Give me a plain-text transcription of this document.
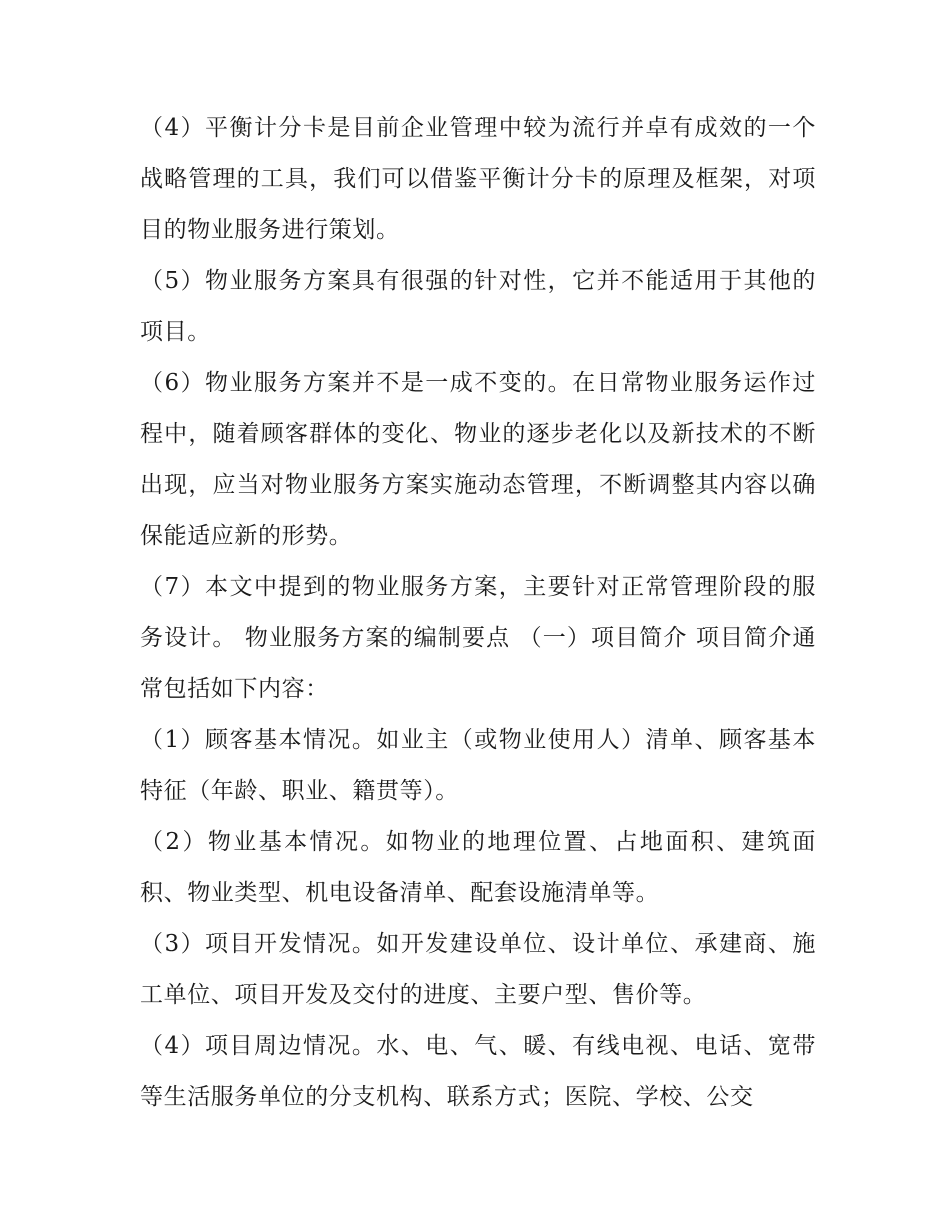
（4）平衡计分卡是目前企业管理中较为流行并卓有成效的一个战略管理的工具，我们可以借鉴平衡计分卡的原理及框架，对项目的物业服务进行策划。

（5）物业服务方案具有很强的针对性，它并不能适用于其他的项目。

（6）物业服务方案并不是一成不变的。在日常物业服务运作过程中，随着顾客群体的变化、物业的逐步老化以及新技术的不断出现，应当对物业服务方案实施动态管理，不断调整其内容以确保能适应新的形势。

（7）本文中提到的物业服务方案，主要针对正常管理阶段的服务设计。 物业服务方案的编制要点 （一）项目简介 项目简介通常包括如下内容：

（1）顾客基本情况。如业主（或物业使用人）清单、顾客基本特征（年龄、职业、籍贯等）。

（2）物业基本情况。如物业的地理位置、占地面积、建筑面积、物业类型、机电设备清单、配套设施清单等。

（3）项目开发情况。如开发建设单位、设计单位、承建商、施工单位、项目开发及交付的进度、主要户型、售价等。

（4）项目周边情况。水、电、气、暖、有线电视、电话、宽带等生活服务单位的分支机构、联系方式；医院、学校、公交
